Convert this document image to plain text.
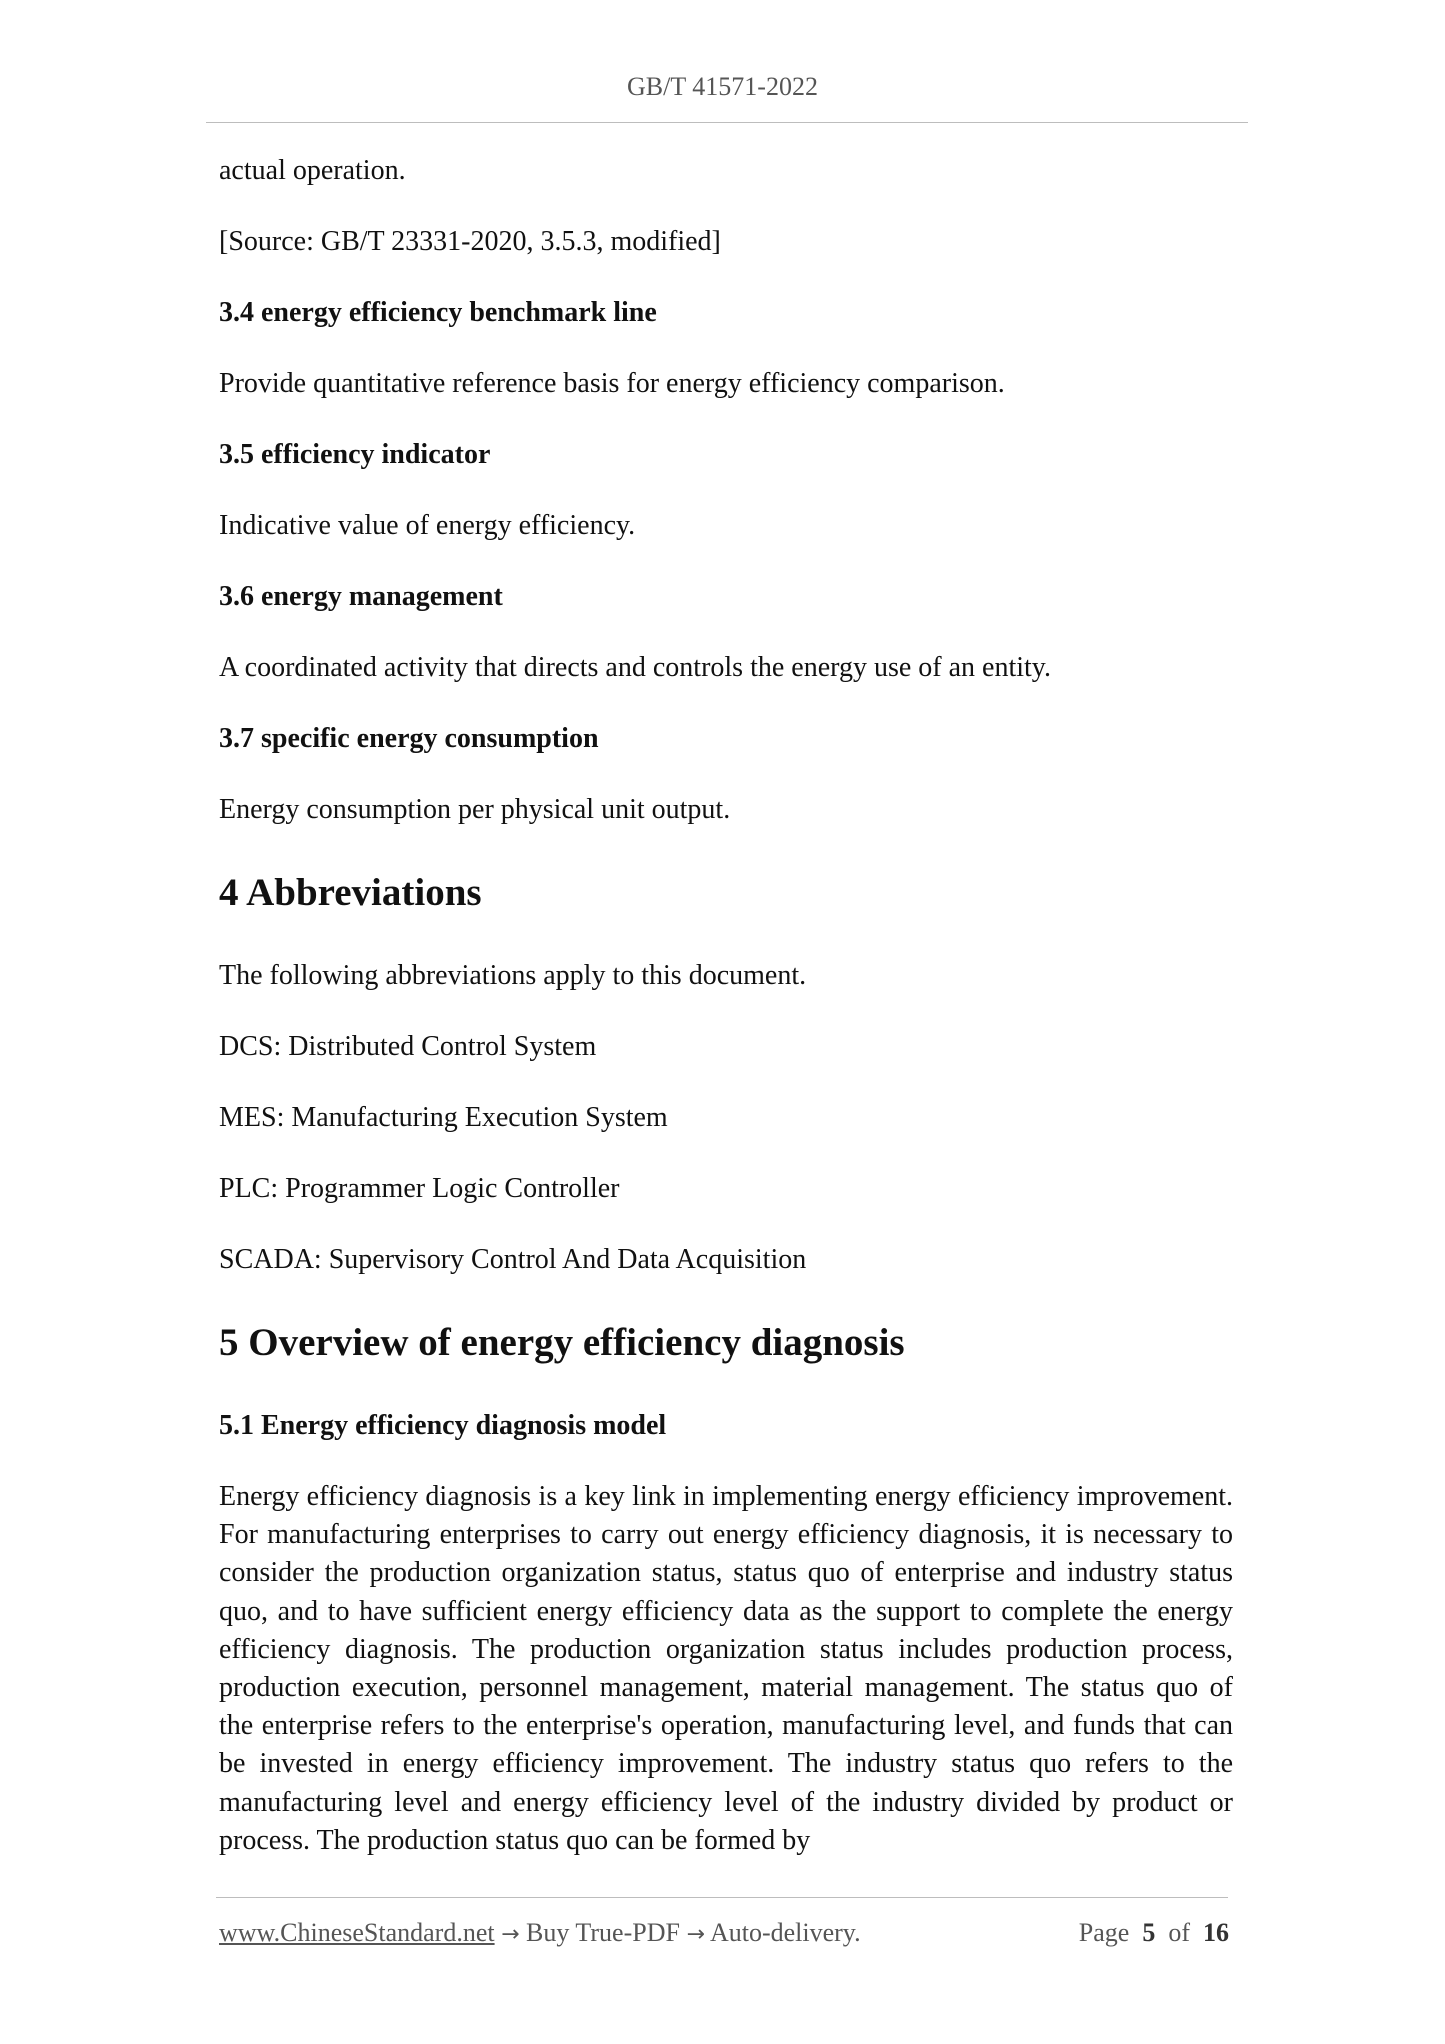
GB/T 41571-2022

actual operation.

[Source: GB/T 23331-2020, 3.5.3, modified]

3.4 energy efficiency benchmark line

Provide quantitative reference basis for energy efficiency comparison.

3.5 efficiency indicator

Indicative value of energy efficiency.

3.6 energy management

A coordinated activity that directs and controls the energy use of an entity.

3.7 specific energy consumption

Energy consumption per physical unit output.

4 Abbreviations

The following abbreviations apply to this document.

DCS: Distributed Control System

MES: Manufacturing Execution System

PLC: Programmer Logic Controller

SCADA: Supervisory Control And Data Acquisition

5 Overview of energy efficiency diagnosis

5.1 Energy efficiency diagnosis model

Energy efficiency diagnosis is a key link in implementing energy efficiency improvement. For manufacturing enterprises to carry out energy efficiency diagnosis, it is necessary to consider the production organization status, status quo of enterprise and industry status quo, and to have sufficient energy efficiency data as the support to complete the energy efficiency diagnosis. The production organization status includes production process, production execution, personnel management, material management. The status quo of the enterprise refers to the enterprise's operation, manufacturing level, and funds that can be invested in energy efficiency improvement. The industry status quo refers to the manufacturing level and energy efficiency level of the industry divided by product or process. The production status quo can be formed by

www.ChineseStandard.net → Buy True-PDF → Auto-delivery.	Page 5 of 16
